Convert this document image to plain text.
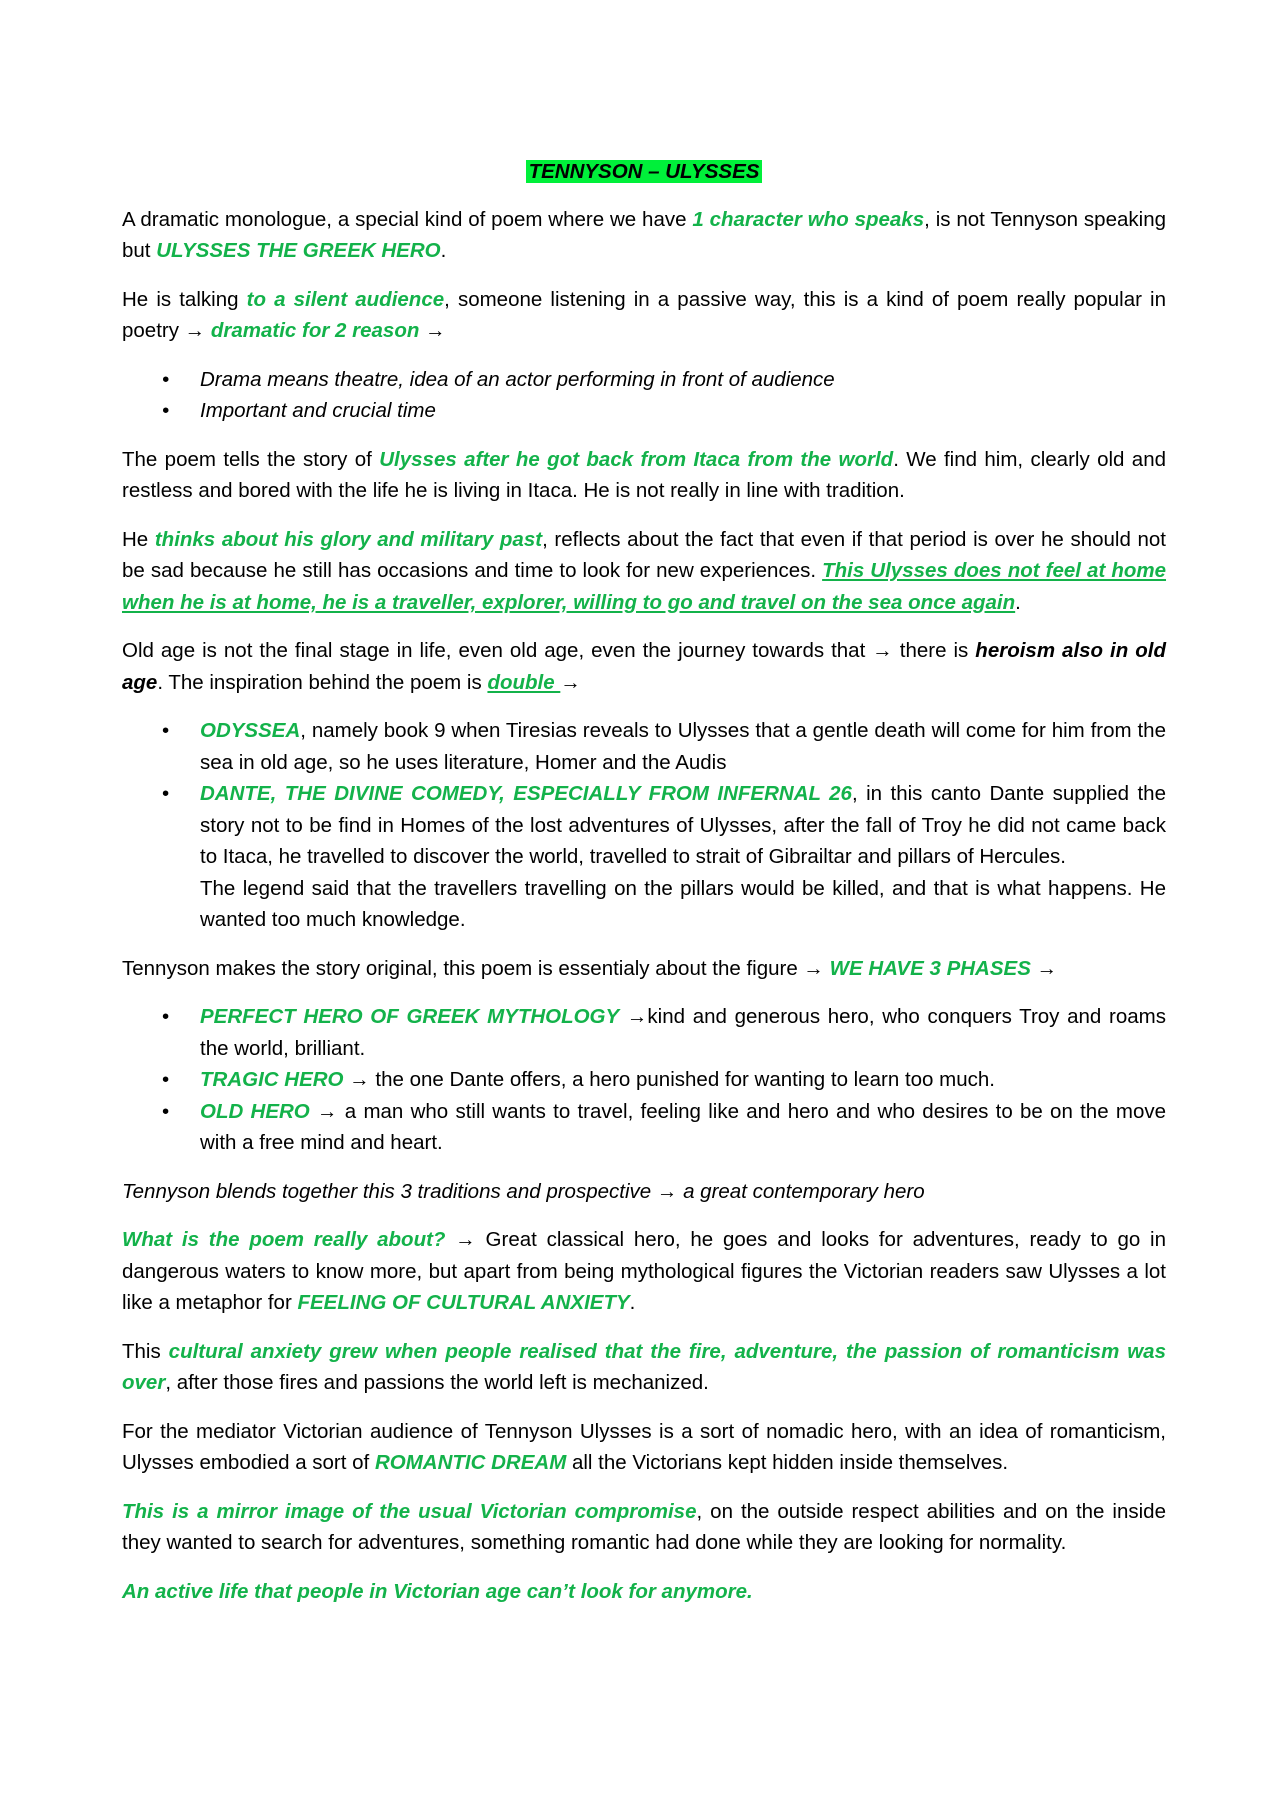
TENNYSON – ULYSSES

A dramatic monologue, a special kind of poem where we have 1 character who speaks, is not Tennyson speaking but ULYSSES THE GREEK HERO.

He is talking to a silent audience, someone listening in a passive way, this is a kind of poem really popular in poetry → dramatic for 2 reason →

• Drama means theatre, idea of an actor performing in front of audience
• Important and crucial time

The poem tells the story of Ulysses after he got back from Itaca from the world. We find him, clearly old and restless and bored with the life he is living in Itaca. He is not really in line with tradition.

He thinks about his glory and military past, reflects about the fact that even if that period is over he should not be sad because he still has occasions and time to look for new experiences. This Ulysses does not feel at home when he is at home, he is a traveller, explorer, willing to go and travel on the sea once again.

Old age is not the final stage in life, even old age, even the journey towards that → there is heroism also in old age. The inspiration behind the poem is double →

• ODYSSEA, namely book 9 when Tiresias reveals to Ulysses that a gentle death will come for him from the sea in old age, so he uses literature, Homer and the Audis
• DANTE, THE DIVINE COMEDY, ESPECIALLY FROM INFERNAL 26, in this canto Dante supplied the story not to be find in Homes of the lost adventures of Ulysses, after the fall of Troy he did not came back to Itaca, he travelled to discover the world, travelled to strait of Gibrailtar and pillars of Hercules.
The legend said that the travellers travelling on the pillars would be killed, and that is what happens. He wanted too much knowledge.

Tennyson makes the story original, this poem is essentialy about the figure → WE HAVE 3 PHASES →

• PERFECT HERO OF GREEK MYTHOLOGY →kind and generous hero, who conquers Troy and roams the world, brilliant.
• TRAGIC HERO → the one Dante offers, a hero punished for wanting to learn too much.
• OLD HERO → a man who still wants to travel, feeling like and hero and who desires to be on the move with a free mind and heart.

Tennyson blends together this 3 traditions and prospective → a great contemporary hero

What is the poem really about? → Great classical hero, he goes and looks for adventures, ready to go in dangerous waters to know more, but apart from being mythological figures the Victorian readers saw Ulysses a lot like a metaphor for FEELING OF CULTURAL ANXIETY.

This cultural anxiety grew when people realised that the fire, adventure, the passion of romanticism was over, after those fires and passions the world left is mechanized.

For the mediator Victorian audience of Tennyson Ulysses is a sort of nomadic hero, with an idea of romanticism, Ulysses embodied a sort of ROMANTIC DREAM all the Victorians kept hidden inside themselves.

This is a mirror image of the usual Victorian compromise, on the outside respect abilities and on the inside they wanted to search for adventures, something romantic had done while they are looking for normality.

An active life that people in Victorian age can’t look for anymore.
